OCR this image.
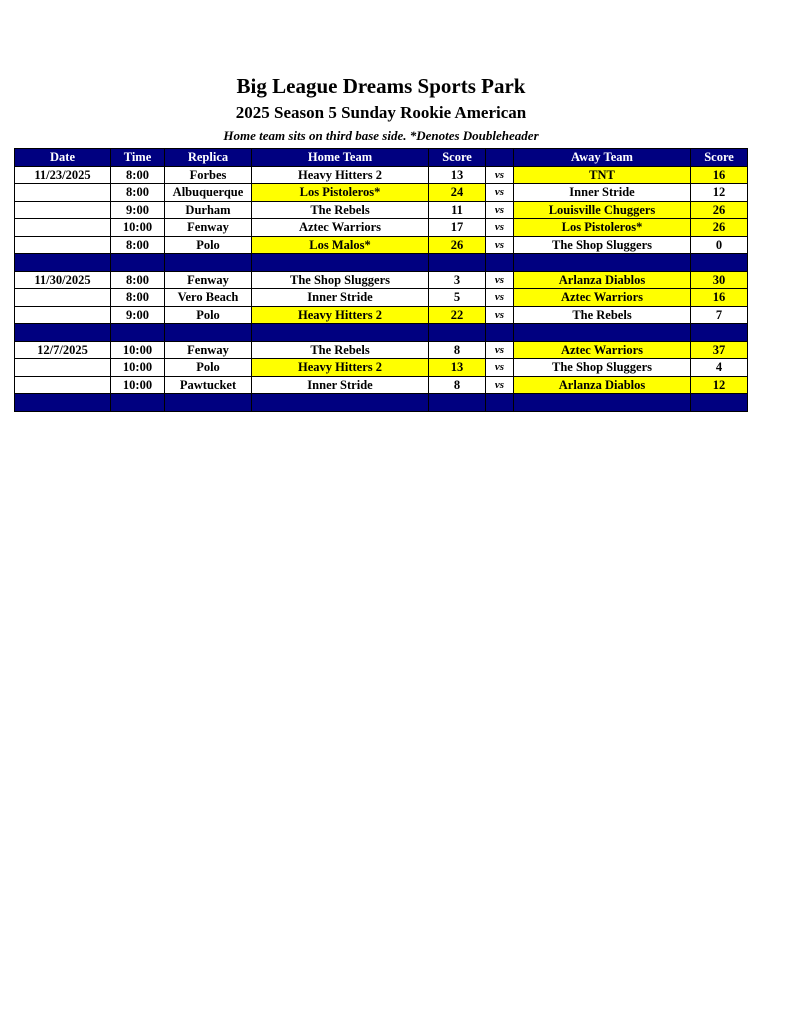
Big League Dreams Sports Park
2025 Season 5 Sunday Rookie American
Home team sits on third base side. *Denotes Doubleheader
Date	Time	Replica	Home Team	Score		Away Team	Score
11/23/2025	8:00	Forbes	Heavy Hitters 2	13	vs	TNT	16
	8:00	Albuquerque	Los Pistoleros*	24	vs	Inner Stride	12
	9:00	Durham	The Rebels	11	vs	Louisville Chuggers	26
	10:00	Fenway	Aztec Warriors	17	vs	Los Pistoleros*	26
	8:00	Polo	Los Malos*	26	vs	The Shop Sluggers	0

11/30/2025	8:00	Fenway	The Shop Sluggers	3	vs	Arlanza Diablos	30
	8:00	Vero Beach	Inner Stride	5	vs	Aztec Warriors	16
	9:00	Polo	Heavy Hitters 2	22	vs	The Rebels	7

12/7/2025	10:00	Fenway	The Rebels	8	vs	Aztec Warriors	37
	10:00	Polo	Heavy Hitters 2	13	vs	The Shop Sluggers	4
	10:00	Pawtucket	Inner Stride	8	vs	Arlanza Diablos	12
